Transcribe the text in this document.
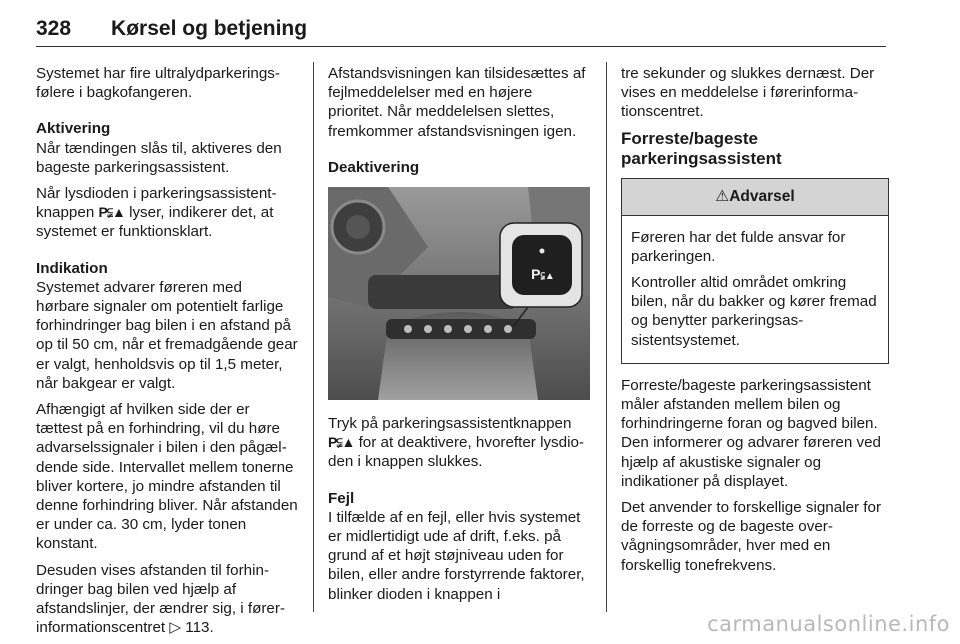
328 Kørsel og betjening

Systemet har fire ultralydparkeringsfølere i bagkofangeren.

Aktivering

Når tændingen slås til, aktiveres den bageste parkeringsassistent.

Når lysdioden i parkeringsassistentknappen P⫋▲ lyser, indikerer det, at systemet er funktionsklart.

Indikation

Systemet advarer føreren med hørbare signaler om potentielt farlige forhindringer bag bilen i en afstand på op til 50 cm, når et fremadgående gear er valgt, henholdsvis op til 1,5 meter, når bakgear er valgt.

Afhængigt af hvilken side der er tættest på en forhindring, vil du høre advarselssignaler i bilen i den pågældende side. Intervallet mellem tonerne bliver kortere, jo mindre afstanden til denne forhindring bliver. Når afstanden er under ca. 30 cm, lyder tonen konstant.

Desuden vises afstanden til forhindringer bag bilen ved hjælp af afstandslinjer, der ændrer sig, i førerinformationscentret ▷ 113.

Afstandsvisningen kan tilsidesættes af fejlmeddelelser med en højere prioritet. Når meddelelsen slettes, fremkommer afstandsvisningen igen.

Deaktivering

P⫋▲

Tryk på parkeringsassistentknappen P⫋▲ for at deaktivere, hvorefter lysdioden i knappen slukkes.

Fejl

I tilfælde af en fejl, eller hvis systemet er midlertidigt ude af drift, f.eks. på grund af et højt støjniveau uden for bilen, eller andre forstyrrende faktorer, blinker dioden i knappen i

tre sekunder og slukkes dernæst. Der vises en meddelelse i førerinformationscentret.

Forreste/bageste
parkeringsassistent
⚠Advarsel

Føreren har det fulde ansvar for parkeringen.

Kontroller altid området omkring bilen, når du bakker og kører fremad og benytter parkeringsassistentsystemet.

Forreste/bageste parkeringsassistent måler afstanden mellem bilen og forhindringerne foran og bagved bilen. Den informerer og advarer føreren ved hjælp af akustiske signaler og indikationer på displayet.

Det anvender to forskellige signaler for de forreste og de bageste overvågningsområder, hver med en forskellig tonefrekvens.

carmanualsonline.info
